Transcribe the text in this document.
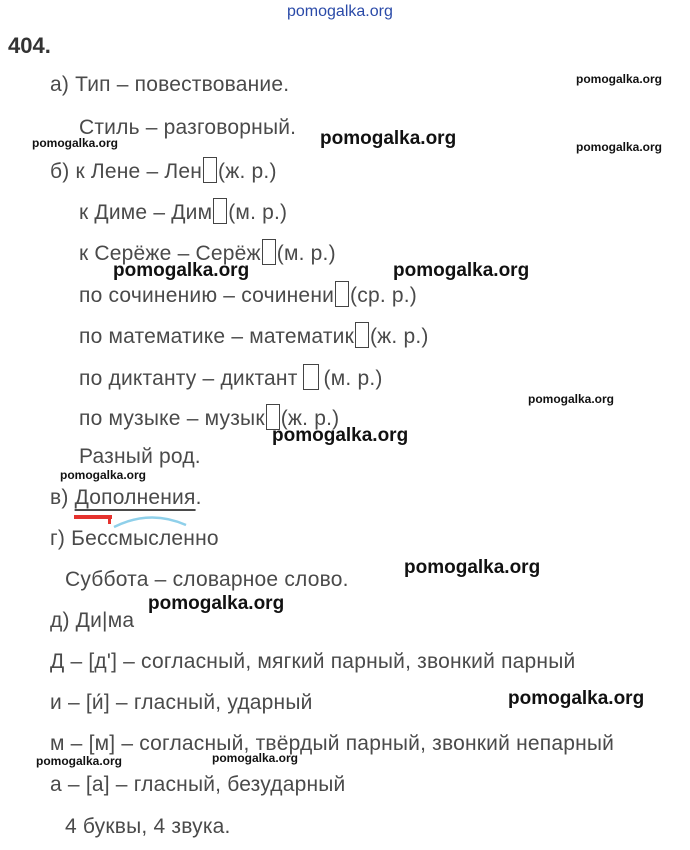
pomogalka.org
404.
а) Тип – повествование.
Стиль – разговорный.
б) к Лене – Лен (ж. р.)
к Диме – Дим (м. р.)
к Серёже – Серёж (м. р.)
по сочинению – сочинени (ср. р.)
по математике – математик (ж. р.)
по диктанту – диктант (м. р.)
по музыке – музык (ж. р.)
Разный род.
в) Дополнения.
г) Бессмысленно
Суббота – словарное слово.
д) Ди|ма
Д – [д'] – согласный, мягкий парный, звонкий парный
и – [и́] – гласный, ударный
м – [м] – согласный, твёрдый парный, звонкий непарный
а – [а] – гласный, безударный
4 буквы, 4 звука.
pomogalka.org
pomogalka.org
pomogalka.org	pomogalka.org
pomogalka.org	pomogalka.org
pomogalka.org
pomogalka.org
pomogalka.org
pomogalka.org
pomogalka.org
pomogalka.org
pomogalka.org	pomogalka.org
